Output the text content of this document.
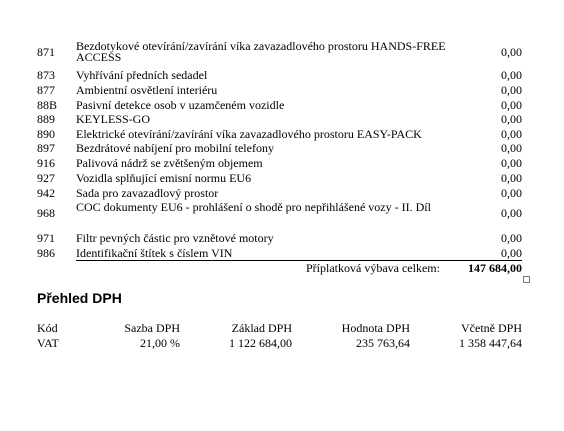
871 Bezdotykové otevírání/zavírání víka zavazadlového prostoru HANDS-FREE ACCESS	0,00
873 Vyhřívání předních sedadel	0,00
877 Ambientní osvětlení interiéru	0,00
88B Pasivní detekce osob v uzamčeném vozidle	0,00
889 KEYLESS-GO	0,00
890 Elektrické otevírání/zavírání víka zavazadlového prostoru EASY-PACK	0,00
897 Bezdrátové nabíjení pro mobilní telefony	0,00
916 Palivová nádrž se zvětšeným objemem	0,00
927 Vozidla splňující emisní normu EU6	0,00
942 Sada pro zavazadlový prostor	0,00
968 COC dokumenty EU6 - prohlášení o shodě pro nepřihlášené vozy - II. Díl	0,00
971 Filtr pevných částic pro vznětové motory	0,00
986 Identifikační štítek s číslem VIN	0,00
Příplatková výbava celkem: 147 684,00
Přehled DPH
Kód	Sazba DPH	Základ DPH	Hodnota DPH	Včetně DPH
VAT	21,00 %	1 122 684,00	235 763,64	1 358 447,64
